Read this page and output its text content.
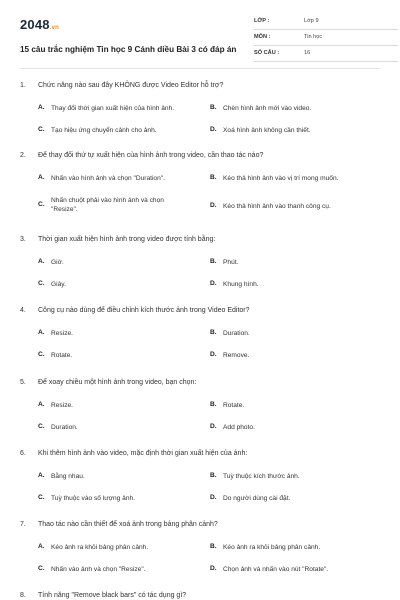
2048.vn
15 câu trắc nghiệm Tin học 9 Cánh diều Bài 3 có đáp án
LỚP :	Lớp 9
MÔN :	Tin học
SỐ CÂU :	16
1. Chức năng nào sau đây KHÔNG được Video Editor hỗ trợ?
A. Thay đổi thời gian xuất hiện của hình ảnh.	B. Chèn hình ảnh mới vào video.
C. Tạo hiệu ứng chuyển cảnh cho ảnh.	D. Xoá hình ảnh không cần thiết.
2. Để thay đổi thứ tự xuất hiện của hình ảnh trong video, cần thao tác nào?
A. Nhấn vào hình ảnh và chọn "Duration".	B. Kéo thả hình ảnh vào vị trí mong muốn.
C.
Nhấn chuột phải vào hình ảnh và chọn "Resize".
D. Kéo thả hình ảnh vào thanh công cụ.
3. Thời gian xuất hiện hình ảnh trong video được tính bằng:
A. Giờ.	B. Phút.
C. Giây.	D. Khung hình.
4. Công cụ nào dùng để điều chỉnh kích thước ảnh trong Video Editor?
A. Resize.	B. Duration.
C. Rotate.	D. Remove.
5. Để xoay chiều một hình ảnh trong video, bạn chọn:
A. Resize.	B. Rotate.
C. Duration.	D. Add photo.
6. Khi thêm hình ảnh vào video, mặc định thời gian xuất hiện của ảnh:
A. Bằng nhau.	B. Tuỳ thuộc kích thước ảnh.
C. Tuỳ thuộc vào số lượng ảnh.	D. Do người dùng cài đặt.
7. Thao tác nào cần thiết để xoá ảnh trong bảng phân cảnh?
A. Kéo ảnh ra khỏi bảng phân cảnh.	B. Kéo ảnh ra khỏi bảng phân cảnh.
C. Nhấn vào ảnh và chọn "Resize".	D. Chọn ảnh và nhấn vào nút "Rotate".
8. Tính năng "Remove black bars" có tác dụng gì?
